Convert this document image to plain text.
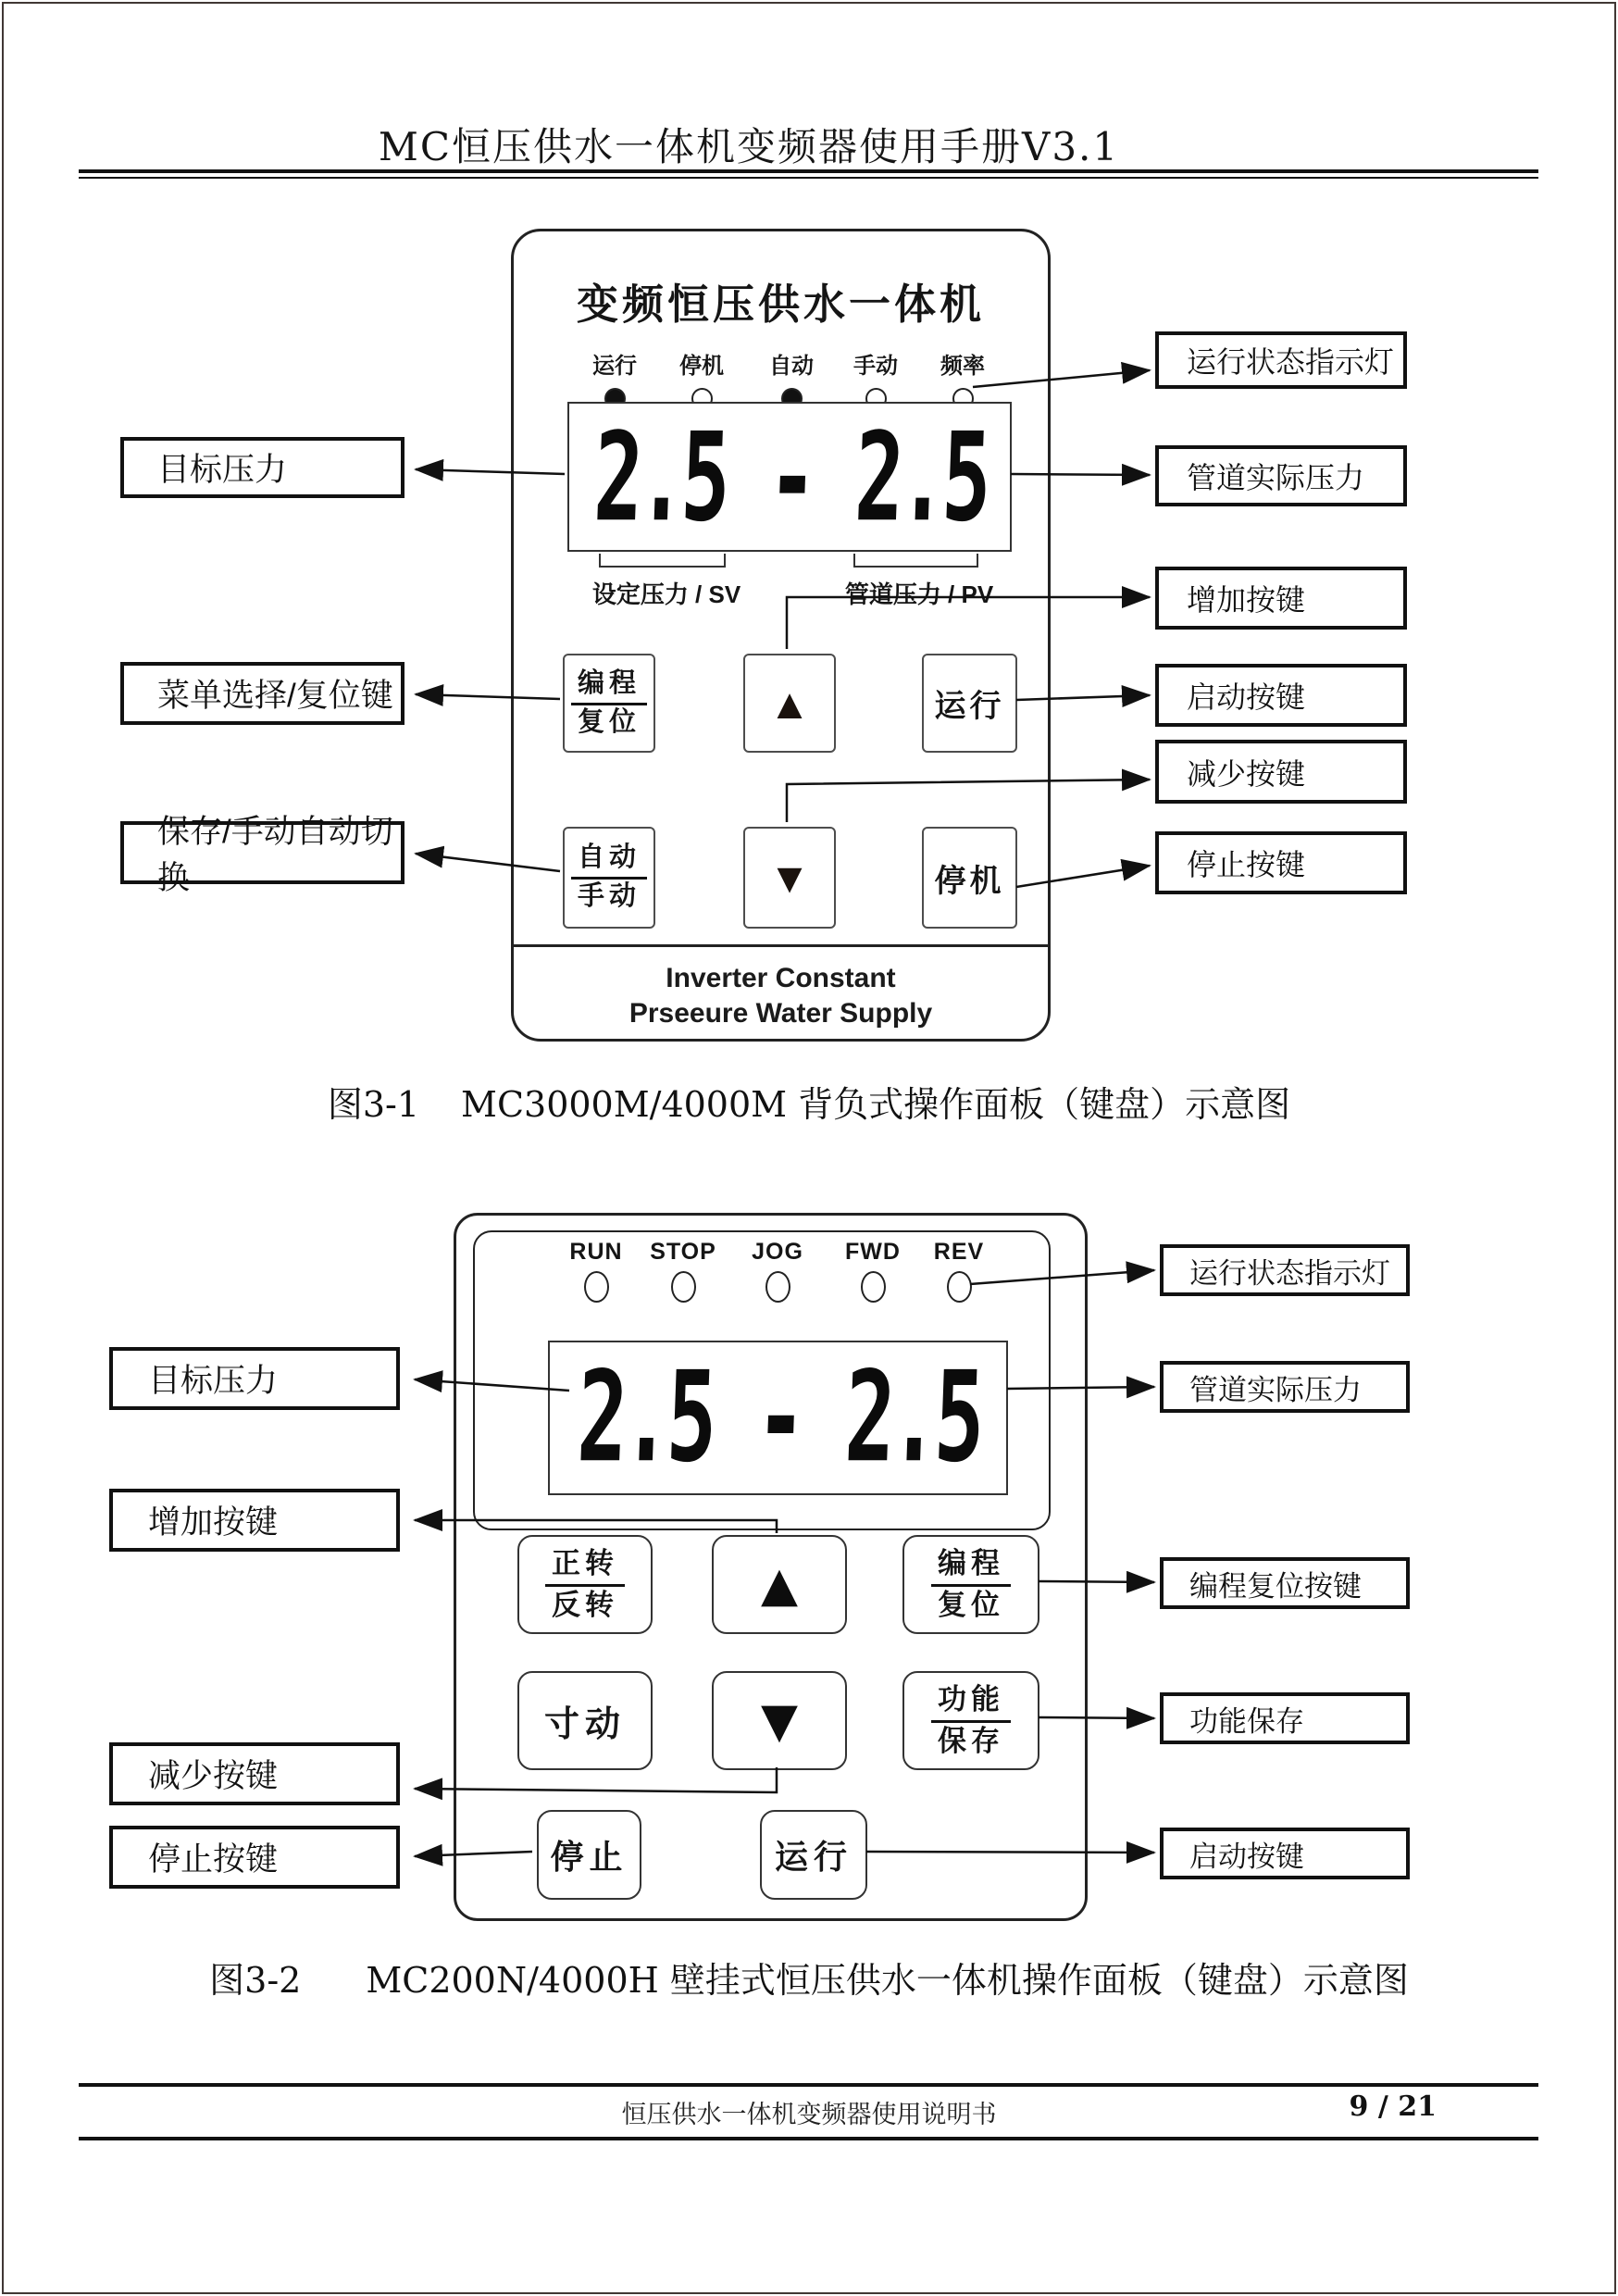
MC恒压供水一体机变频器使用手册V3.1
变频恒压供水一体机
运行	停机	自动	手动	频率
2.5 - 2.5
设定压力 / SV	管道压力 / PV
$\frac{\text{编程}}{\text{复位}}$	▲	运行
$\frac{\text{自动}}{\text{手动}}$	▼	停机
Inverter Constant
Prseeure Water Supply
目标压力
菜单选择/复位键
保存/手动自动切换
运行状态指示灯
管道实际压力
增加按键
启动按键
减少按键
停止按键
图3-1 MC3000M/4000M 背负式操作面板（键盘）示意图
RUN	STOP	JOG	FWD	REV
2.5 - 2.5
$\frac{\text{正转}}{\text{反转}}$	▲	$\frac{\text{编程}}{\text{复位}}$
寸动	▼	$\frac{\text{功能}}{\text{保存}}$
停止	运行
目标压力
增加按键
减少按键
停止按键
运行状态指示灯
管道实际压力
编程复位按键
功能保存
启动按键
图3-2 MC200N/4000H 壁挂式恒压供水一体机操作面板（键盘）示意图
恒压供水一体机变频器使用说明书	9 / 21
